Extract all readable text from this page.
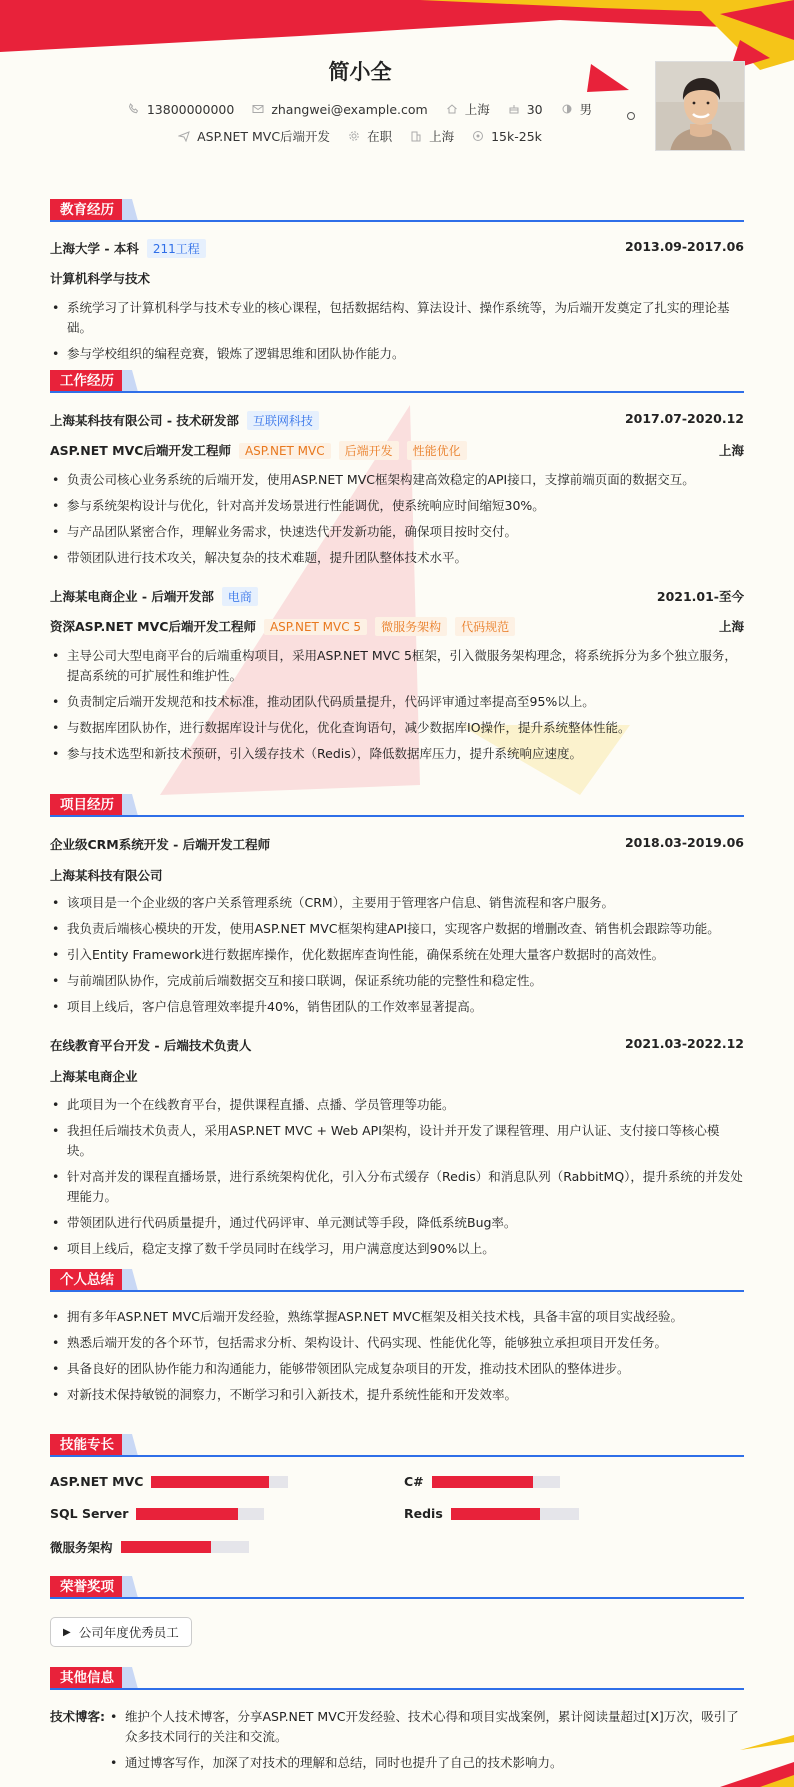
简小全
13800000000	zhangwei@example.com	上海	30	男
ASP.NET MVC后端开发	在职	上海	15k-25k
教育经历
上海大学 - 本科 211工程	2013.09-2017.06
计算机科学与技术
• 系统学习了计算机科学与技术专业的核心课程，包括数据结构、算法设计、操作系统等，为后端开发奠定了扎实的理论基础。
• 参与学校组织的编程竞赛，锻炼了逻辑思维和团队协作能力。
工作经历
上海某科技有限公司 - 技术研发部 互联网科技	2017.07-2020.12
ASP.NET MVC后端开发工程师 ASP.NET MVC 后端开发 性能优化	上海
• 负责公司核心业务系统的后端开发，使用ASP.NET MVC框架构建高效稳定的API接口，支撑前端页面的数据交互。
• 参与系统架构设计与优化，针对高并发场景进行性能调优，使系统响应时间缩短30%。
• 与产品团队紧密合作，理解业务需求，快速迭代开发新功能，确保项目按时交付。
• 带领团队进行技术攻关，解决复杂的技术难题，提升团队整体技术水平。
上海某电商企业 - 后端开发部 电商	2021.01-至今
资深ASP.NET MVC后端开发工程师 ASP.NET MVC 5 微服务架构 代码规范	上海
• 主导公司大型电商平台的后端重构项目，采用ASP.NET MVC 5框架，引入微服务架构理念，将系统拆分为多个独立服务，提高系统的可扩展性和维护性。
• 负责制定后端开发规范和技术标准，推动团队代码质量提升，代码评审通过率提高至95%以上。
• 与数据库团队协作，进行数据库设计与优化，优化查询语句，减少数据库IO操作，提升系统整体性能。
• 参与技术选型和新技术预研，引入缓存技术（Redis），降低数据库压力，提升系统响应速度。
项目经历
企业级CRM系统开发 - 后端开发工程师	2018.03-2019.06
上海某科技有限公司
• 该项目是一个企业级的客户关系管理系统（CRM），主要用于管理客户信息、销售流程和客户服务。
• 我负责后端核心模块的开发，使用ASP.NET MVC框架构建API接口，实现客户数据的增删改查、销售机会跟踪等功能。
• 引入Entity Framework进行数据库操作，优化数据库查询性能，确保系统在处理大量客户数据时的高效性。
• 与前端团队协作，完成前后端数据交互和接口联调，保证系统功能的完整性和稳定性。
• 项目上线后，客户信息管理效率提升40%，销售团队的工作效率显著提高。
在线教育平台开发 - 后端技术负责人	2021.03-2022.12
上海某电商企业
• 此项目为一个在线教育平台，提供课程直播、点播、学员管理等功能。
• 我担任后端技术负责人，采用ASP.NET MVC + Web API架构，设计并开发了课程管理、用户认证、支付接口等核心模块。
• 针对高并发的课程直播场景，进行系统架构优化，引入分布式缓存（Redis）和消息队列（RabbitMQ），提升系统的并发处理能力。
• 带领团队进行代码质量提升，通过代码评审、单元测试等手段，降低系统Bug率。
• 项目上线后，稳定支撑了数千学员同时在线学习，用户满意度达到90%以上。
个人总结
• 拥有多年ASP.NET MVC后端开发经验，熟练掌握ASP.NET MVC框架及相关技术栈，具备丰富的项目实战经验。
• 熟悉后端开发的各个环节，包括需求分析、架构设计、代码实现、性能优化等，能够独立承担项目开发任务。
• 具备良好的团队协作能力和沟通能力，能够带领团队完成复杂项目的开发，推动技术团队的整体进步。
• 对新技术保持敏锐的洞察力，不断学习和引入新技术，提升系统性能和开发效率。
技能专长
ASP.NET MVC	C#
SQL Server	Redis
微服务架构
荣誉奖项
▶ 公司年度优秀员工
其他信息
技术博客:
•	维护个人技术博客，分享ASP.NET MVC开发经验、技术心得和项目实战案例，累计阅读量超过[X]万次，吸引了众多技术同行的关注和交流。
• 通过博客写作，加深了对技术的理解和总结，同时也提升了自己的技术影响力。
